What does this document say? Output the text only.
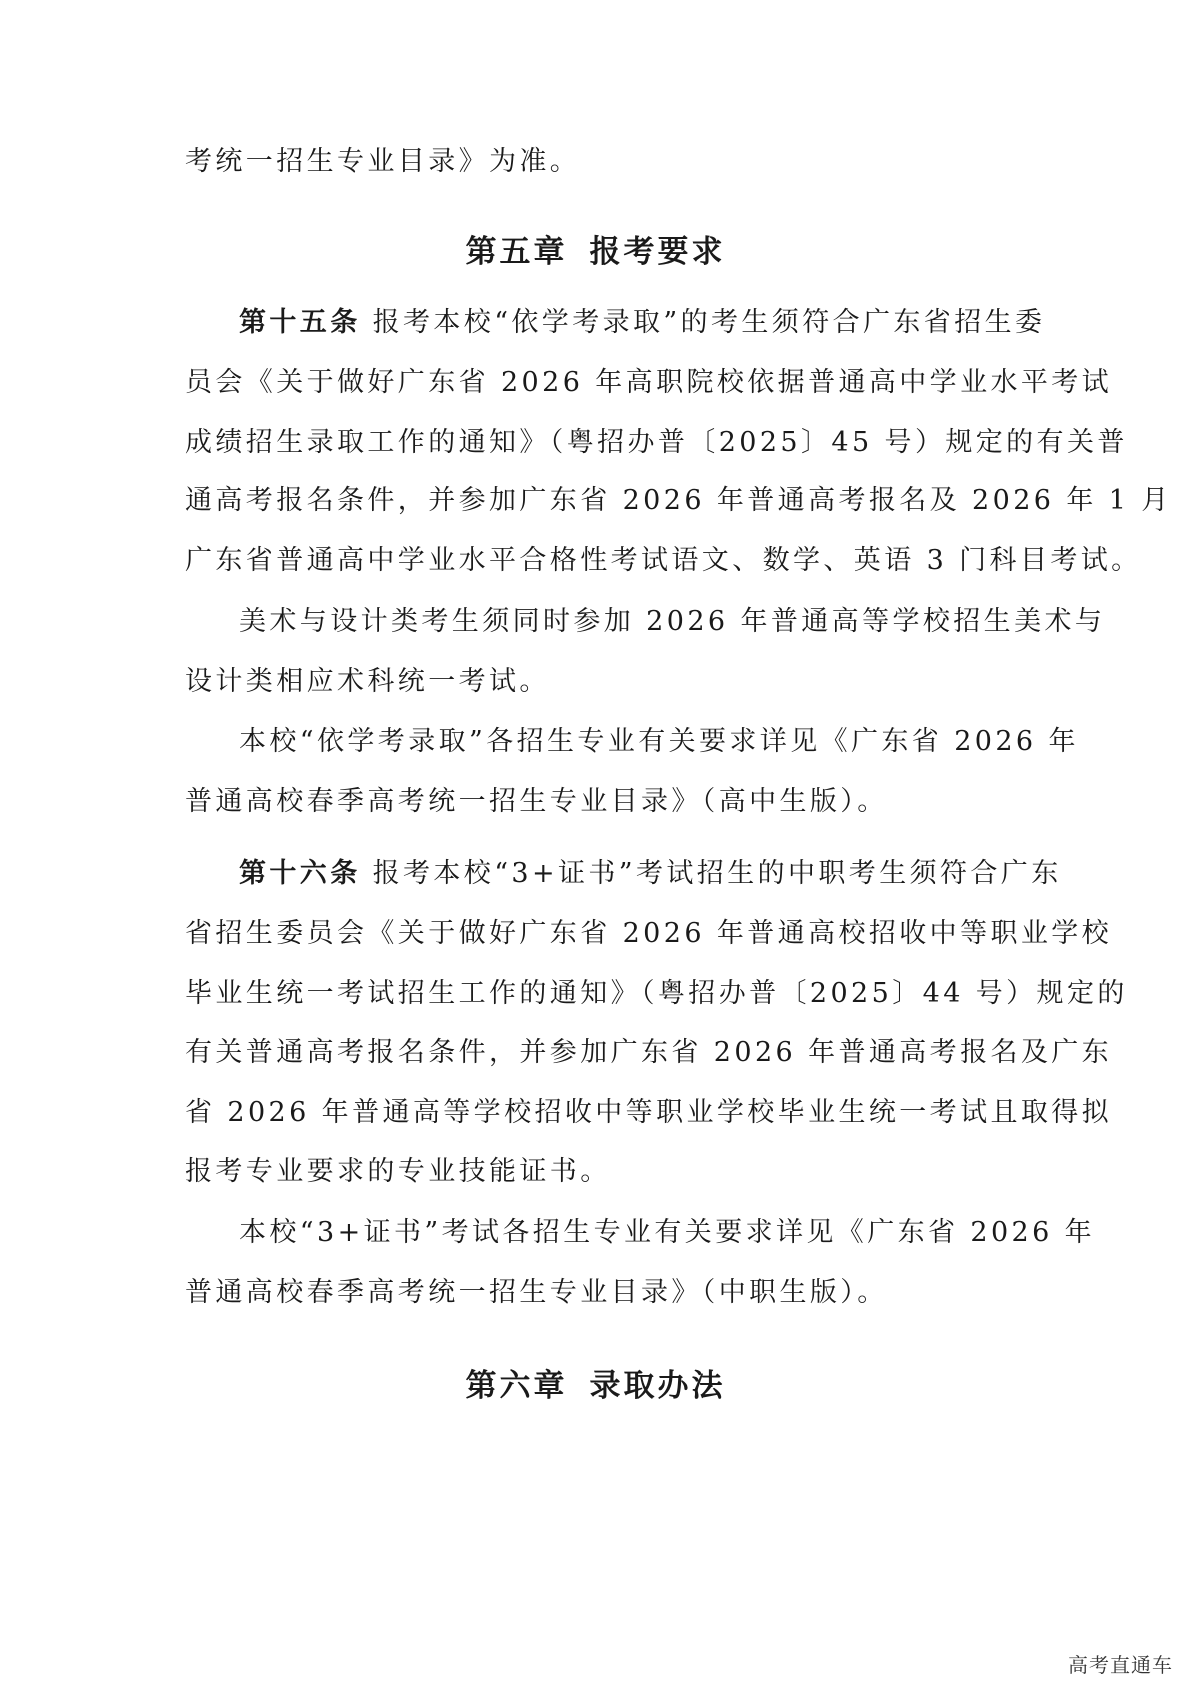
考统一招生专业目录》为准。
第五章 报考要求
第十五条 报考本校“依学考录取”的考生须符合广东省招生委
员会《关于做好广东省 2026 年高职院校依据普通高中学业水平考试
成绩招生录取工作的通知》（粤招办普〔2025〕45 号）规定的有关普
通高考报名条件，并参加广东省 2026 年普通高考报名及 2026 年 1 月
广东省普通高中学业水平合格性考试语文、数学、英语 3 门科目考试。
美术与设计类考生须同时参加 2026 年普通高等学校招生美术与
设计类相应术科统一考试。
本校“依学考录取”各招生专业有关要求详见《广东省 2026 年
普通高校春季高考统一招生专业目录》（高中生版）。
第十六条 报考本校“3+证书”考试招生的中职考生须符合广东
省招生委员会《关于做好广东省 2026 年普通高校招收中等职业学校
毕业生统一考试招生工作的通知》（粤招办普〔2025〕44 号）规定的
有关普通高考报名条件，并参加广东省 2026 年普通高考报名及广东
省 2026 年普通高等学校招收中等职业学校毕业生统一考试且取得拟
报考专业要求的专业技能证书。
本校“3+证书”考试各招生专业有关要求详见《广东省 2026 年
普通高校春季高考统一招生专业目录》（中职生版）。
第六章 录取办法
高考直通车
